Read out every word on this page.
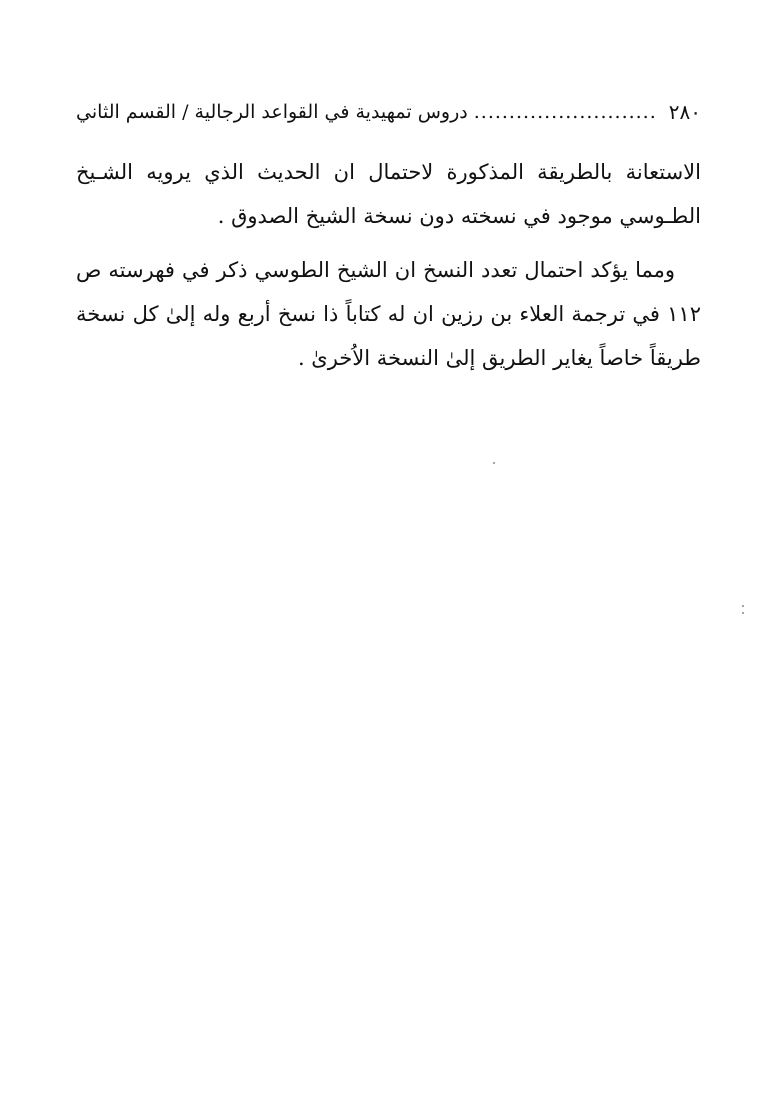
٢٨٠
..........................
دروس تمهيدية في القواعد الرجالية / القسم الثاني

الاستعانة بالطريقة المذكورة لاحتمال ان الحديث الذي يرويه الشـيخ الطـوسي موجود في نسخته دون نسخة الشيخ الصدوق .

ومما يؤكد احتمال تعدد النسخ ان الشيخ الطوسي ذكر في فهرسته ص ١١٢ في ترجمة العلاء بن رزين ان له كتاباً ذا نسخ أربع وله إلىٰ كل نسخة طريقاً خاصاً يغاير الطريق إلىٰ النسخة الاُخرىٰ .
